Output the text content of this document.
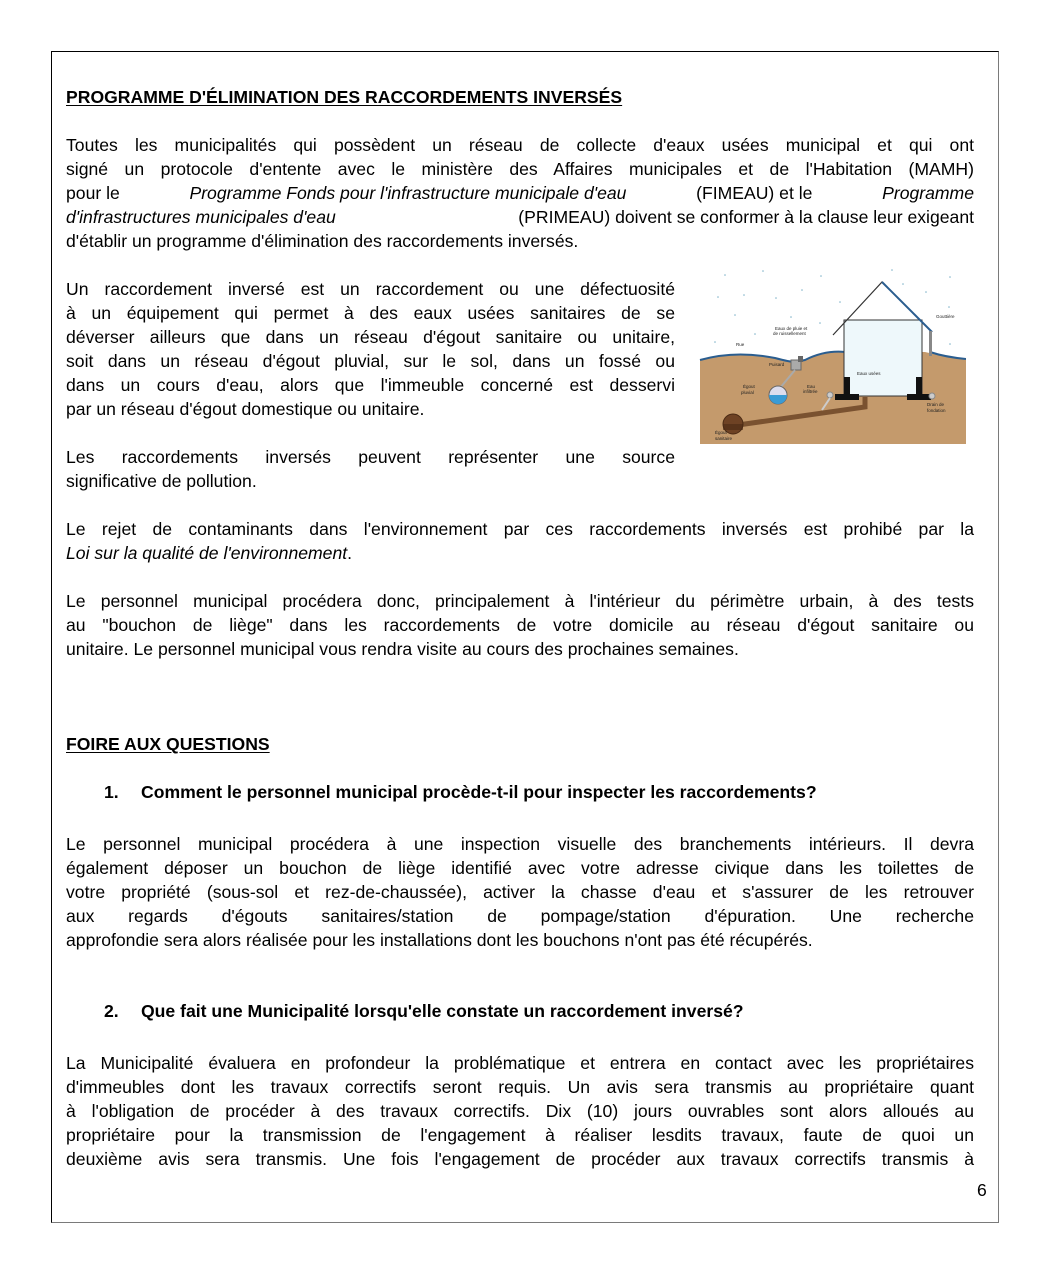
PROGRAMME D'ÉLIMINATION DES RACCORDEMENTS INVERSÉS
Toutes les municipalités qui possèdent un réseau de collecte d'eaux usées municipal et qui ont
signé un protocole d'entente avec le ministère des Affaires municipales et de l'Habitation (MAMH)
pour le	Programme Fonds pour l'infrastructure municipale d'eau	(FIMEAU) et le	Programme
d'infrastructures municipales d'eau	(PRIMEAU) doivent se conformer à la clause leur exigeant
d'établir un programme d'élimination des raccordements inversés.
Un raccordement inversé est un raccordement ou une défectuosité
à un équipement qui permet à des eaux usées sanitaires de se
déverser ailleurs que dans un réseau d'égout sanitaire ou unitaire,
soit dans un réseau d'égout pluvial, sur le sol, dans un fossé ou
dans un cours d'eau, alors que l'immeuble concerné est desservi
par un réseau d'égout domestique ou unitaire.
Les raccordements inversés peuvent représenter une source
significative de pollution.
Rue
Puisard
Égout
pluvial
Égout
sanitaire
Eau
infiltrée
Eaux de pluie et
de ruissellement
Eaux usées
Gouttière
Drain de
fondation
Le rejet de contaminants dans l'environnement par ces raccordements inversés est prohibé par la
Loi sur la qualité de l'environnement.
Le personnel municipal procédera donc, principalement à l'intérieur du périmètre urbain, à des tests
au "bouchon de liège" dans les raccordements de votre domicile au réseau d'égout sanitaire ou
unitaire. Le personnel municipal vous rendra visite au cours des prochaines semaines.
FOIRE AUX QUESTIONS
1. Comment le personnel municipal procède-t-il pour inspecter les raccordements?
Le personnel municipal procédera à une inspection visuelle des branchements intérieurs. Il devra
également déposer un bouchon de liège identifié avec votre adresse civique dans les toilettes de
votre propriété (sous-sol et rez-de-chaussée), activer la chasse d'eau et s'assurer de les retrouver
aux regards d'égouts sanitaires/station de pompage/station d'épuration. Une recherche
approfondie sera alors réalisée pour les installations dont les bouchons n'ont pas été récupérés.
2. Que fait une Municipalité lorsqu'elle constate un raccordement inversé?
La Municipalité évaluera en profondeur la problématique et entrera en contact avec les propriétaires
d'immeubles dont les travaux correctifs seront requis. Un avis sera transmis au propriétaire quant
à l'obligation de procéder à des travaux correctifs. Dix (10) jours ouvrables sont alors alloués au
propriétaire pour la transmission de l'engagement à réaliser lesdits travaux, faute de quoi un
deuxième avis sera transmis. Une fois l'engagement de procéder aux travaux correctifs transmis à
6
